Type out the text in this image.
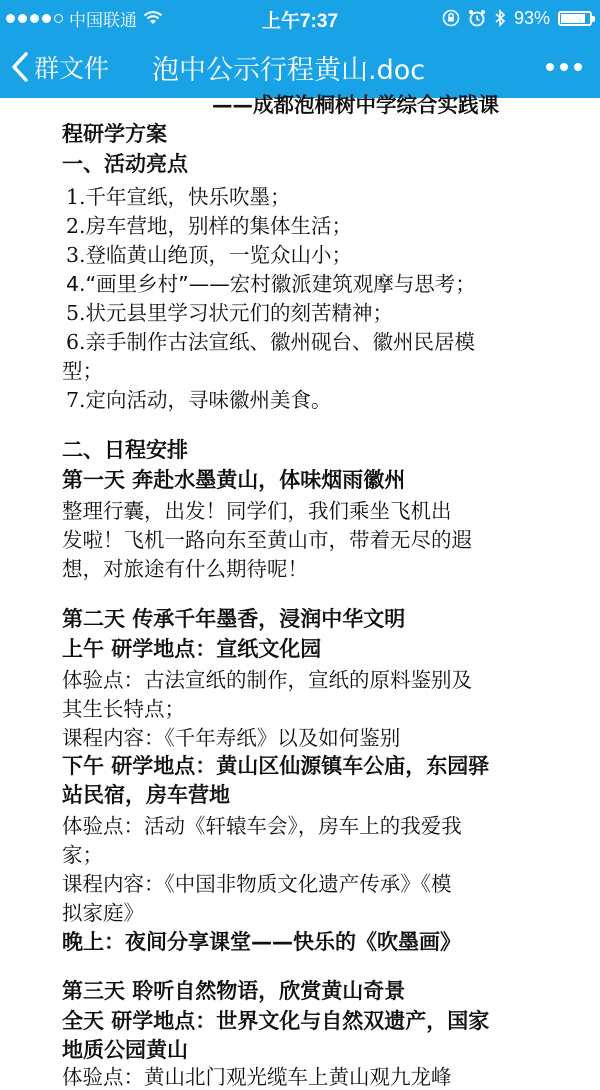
中国联通	上午7:37	93%
群文件 泡中公示行程黄山.doc
——成都泡桐树中学综合实践课
程研学方案
一、活动亮点
1.千年宣纸，快乐吹墨；
2.房车营地，别样的集体生活；
3.登临黄山绝顶，一览众山小；
4.“画里乡村”——宏村徽派建筑观摩与思考；
5.状元县里学习状元们的刻苦精神；
6.亲手制作古法宣纸、徽州砚台、徽州民居模
型；
7.定向活动，寻味徽州美食。
二、日程安排
第一天 奔赴水墨黄山，体味烟雨徽州
整理行囊，出发！同学们，我们乘坐飞机出
发啦！飞机一路向东至黄山市，带着无尽的遐
想，对旅途有什么期待呢！
第二天 传承千年墨香，浸润中华文明
上午 研学地点：宣纸文化园
体验点：古法宣纸的制作，宣纸的原料鉴别及
其生长特点；
课程内容：《千年寿纸》以及如何鉴别
下午 研学地点：黄山区仙源镇车公庙，东园驿
站民宿，房车营地
体验点：活动《轩辕车会》，房车上的我爱我
家；
课程内容：《中国非物质文化遗产传承》《模
拟家庭》
晚上：夜间分享课堂——快乐的《吹墨画》
第三天 聆听自然物语，欣赏黄山奇景
全天 研学地点：世界文化与自然双遗产，国家
地质公园黄山
体验点：黄山北门观光缆车上黄山观九龙峰
